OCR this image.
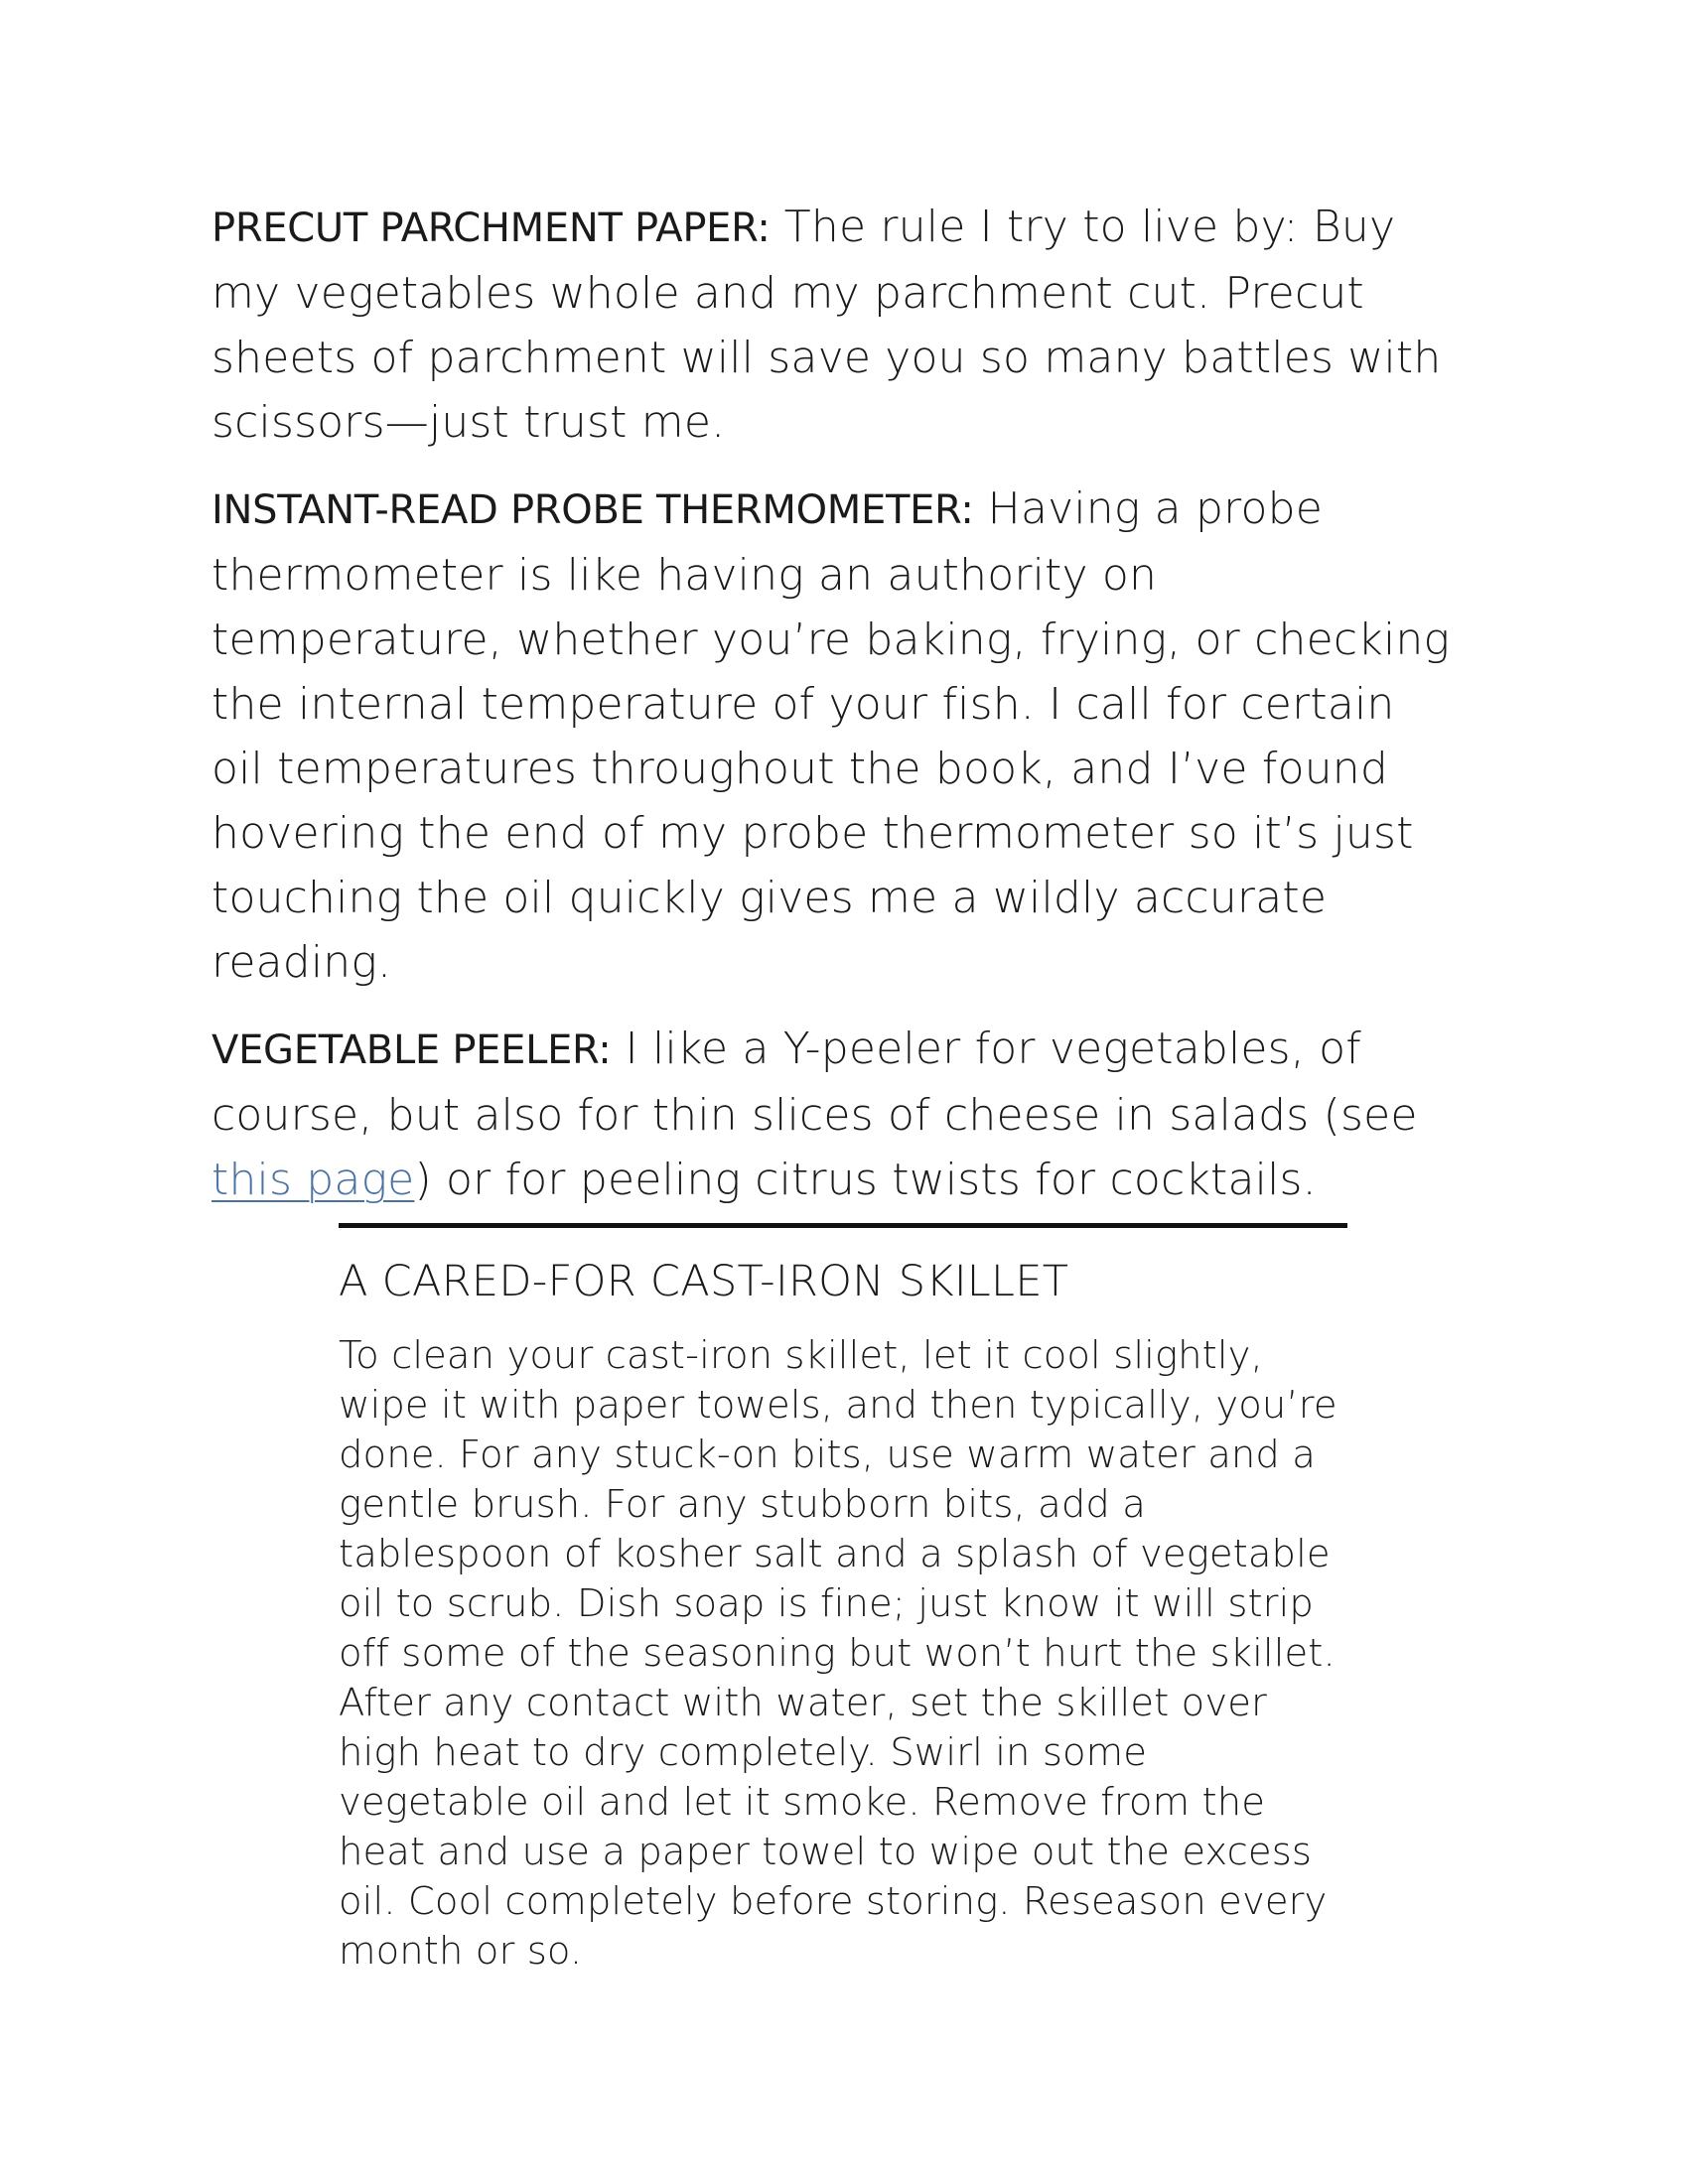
PRECUT PARCHMENT PAPER: The rule I try to live by: Buy my vegetables whole and my parchment cut. Precut sheets of parchment will save you so many battles with scissors—just trust me.

INSTANT-READ PROBE THERMOMETER: Having a probe thermometer is like having an authority on temperature, whether you’re baking, frying, or checking the internal temperature of your fish. I call for certain oil temperatures throughout the book, and I’ve found hovering the end of my probe thermometer so it’s just touching the oil quickly gives me a wildly accurate reading.

VEGETABLE PEELER: I like a Y-peeler for vegetables, of course, but also for thin slices of cheese in salads (see this page) or for peeling citrus twists for cocktails.

A CARED-FOR CAST-IRON SKILLET

To clean your cast-iron skillet, let it cool slightly, wipe it with paper towels, and then typically, you’re done. For any stuck-on bits, use warm water and a gentle brush. For any stubborn bits, add a tablespoon of kosher salt and a splash of vegetable oil to scrub. Dish soap is fine; just know it will strip off some of the seasoning but won’t hurt the skillet. After any contact with water, set the skillet over high heat to dry completely. Swirl in some vegetable oil and let it smoke. Remove from the heat and use a paper towel to wipe out the excess oil. Cool completely before storing. Reseason every month or so.
